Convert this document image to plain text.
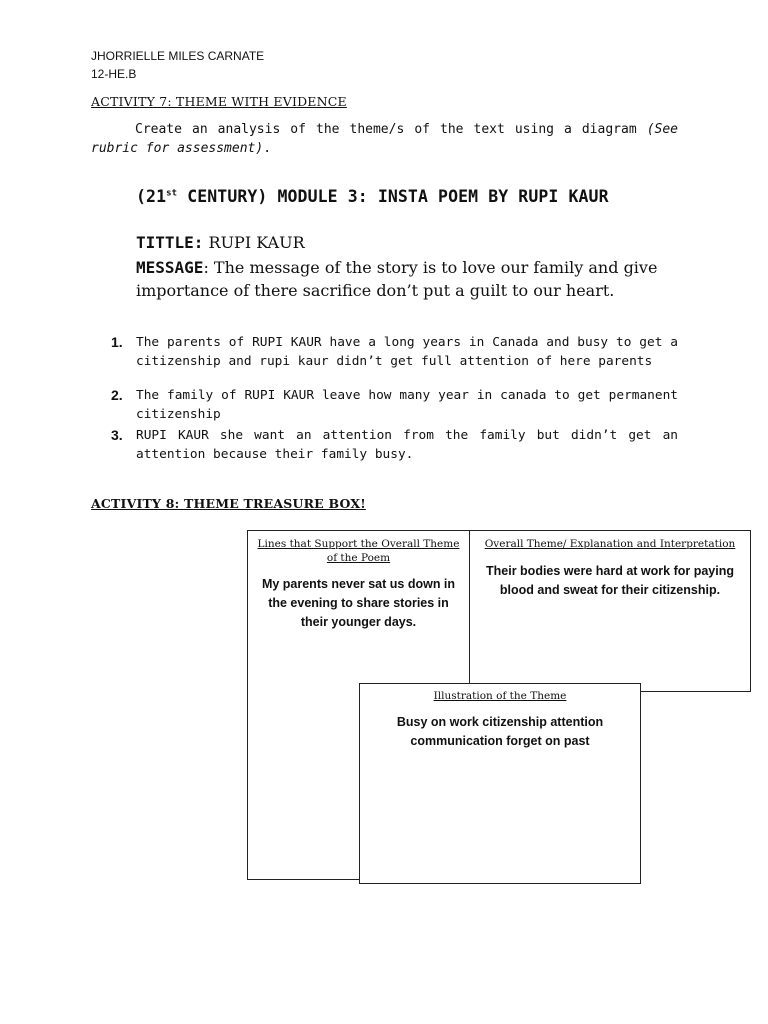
JHORRIELLE MILES CARNATE
12-HE.B
ACTIVITY 7: THEME WITH EVIDENCE
Create an analysis of the theme/s of the text using a diagram (See rubric for assessment).
(21st CENTURY) MODULE 3: INSTA POEM BY RUPI KAUR
TITTLE: RUPI KAUR
MESSAGE: The message of the story is to love our family and give importance of there sacrifice don’t put a guilt to our heart.
1. The parents of RUPI KAUR have a long years in Canada and busy to get a citizenship and rupi kaur didn’t get full attention of here parents
2. The family of RUPI KAUR leave how many year in canada to get permanent citizenship
3. RUPI KAUR she want an attention from the family but didn’t get an attention because their family busy.
ACTIVITY 8: THEME TREASURE BOX!
Lines that Support the Overall Theme of the Poem
My parents never sat us down in the evening to share stories in their younger days.
Overall Theme/ Explanation and Interpretation
Their bodies were hard at work for paying blood and sweat for their citizenship.
Illustration of the Theme
Busy on work citizenship attention communication forget on past
